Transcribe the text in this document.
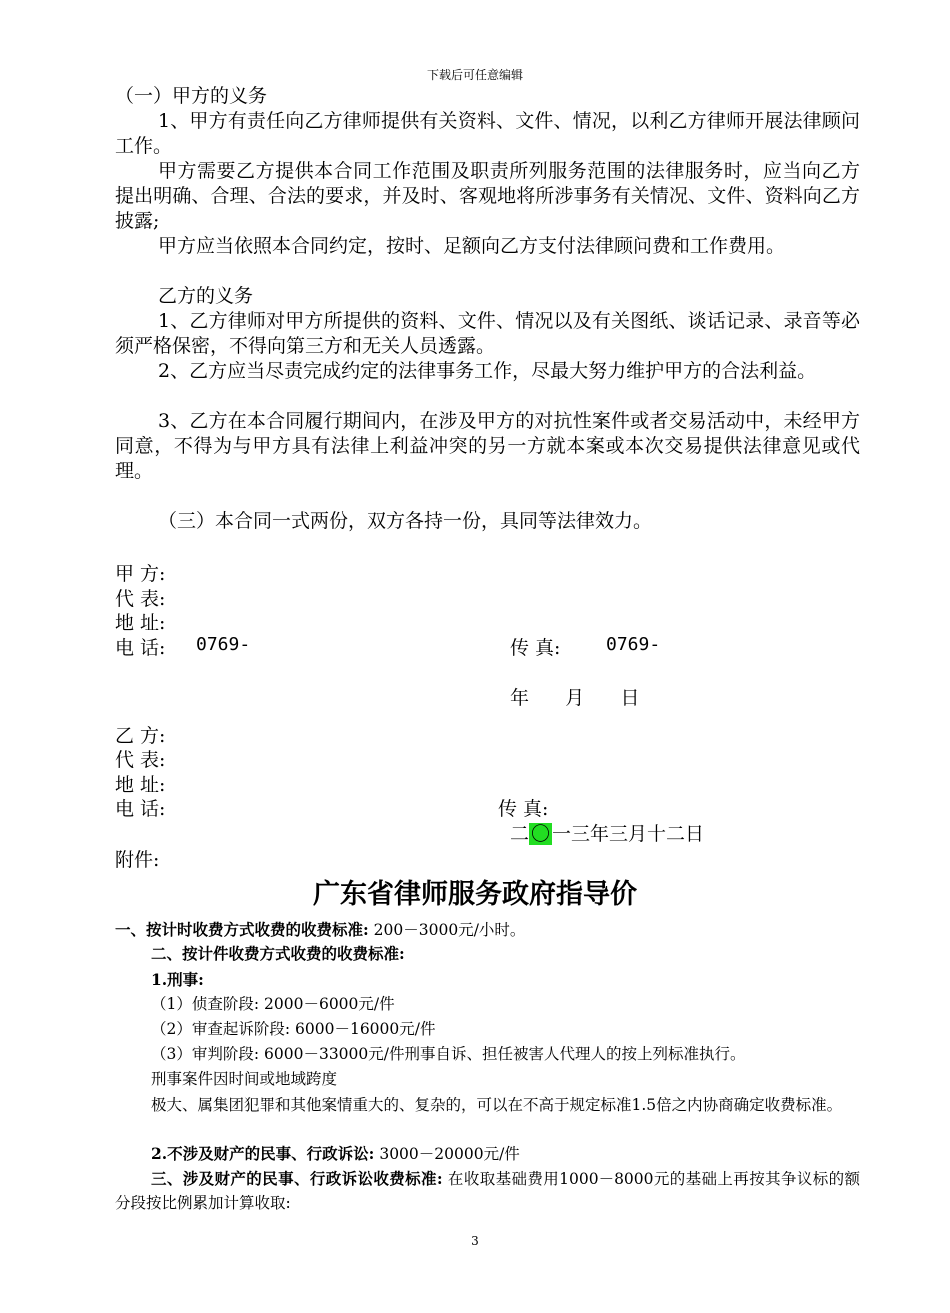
下载后可任意编辑
（一）甲方的义务
1、甲方有责任向乙方律师提供有关资料、文件、情况，以利乙方律师开展法律顾问工作。
甲方需要乙方提供本合同工作范围及职责所列服务范围的法律服务时，应当向乙方提出明确、合理、合法的要求，并及时、客观地将所涉事务有关情况、文件、资料向乙方披露;
甲方应当依照本合同约定，按时、足额向乙方支付法律顾问费和工作费用。
乙方的义务
1、乙方律师对甲方所提供的资料、文件、情况以及有关图纸、谈话记录、录音等必须严格保密，不得向第三方和无关人员透露。
2、乙方应当尽责完成约定的法律事务工作，尽最大努力维护甲方的合法利益。
3、乙方在本合同履行期间内，在涉及甲方的对抗性案件或者交易活动中，未经甲方同意，不得为与甲方具有法律上利益冲突的另一方就本案或本次交易提供法律意见或代理。
（三）本合同一式两份，双方各持一份，具同等法律效力。
甲 方:
代 表:
地 址:
电 话: 0769-	传 真:	0769-
年      月      日
乙 方:
代 表:
地 址:
电 话:	传 真:
二 〇 一三年三月十二日
附件:
广东省律师服务政府指导价
一、按计时收费方式收费的收费标准: 200－3000元/小时。
二、按计件收费方式收费的收费标准:
1.刑事:
（1）侦查阶段: 2000－6000元/件
（2）审查起诉阶段: 6000－16000元/件
（3）审判阶段: 6000－33000元/件刑事自诉、担任被害人代理人的按上列标准执行。
刑事案件因时间或地域跨度
极大、属集团犯罪和其他案情重大的、复杂的，可以在不高于规定标准1.5倍之内协商确定收费标准。
2.不涉及财产的民事、行政诉讼: 3000－20000元/件
三、涉及财产的民事、行政诉讼收费标准: 在收取基础费用1000－8000元的基础上再按其争议标的额分段按比例累加计算收取:
3
